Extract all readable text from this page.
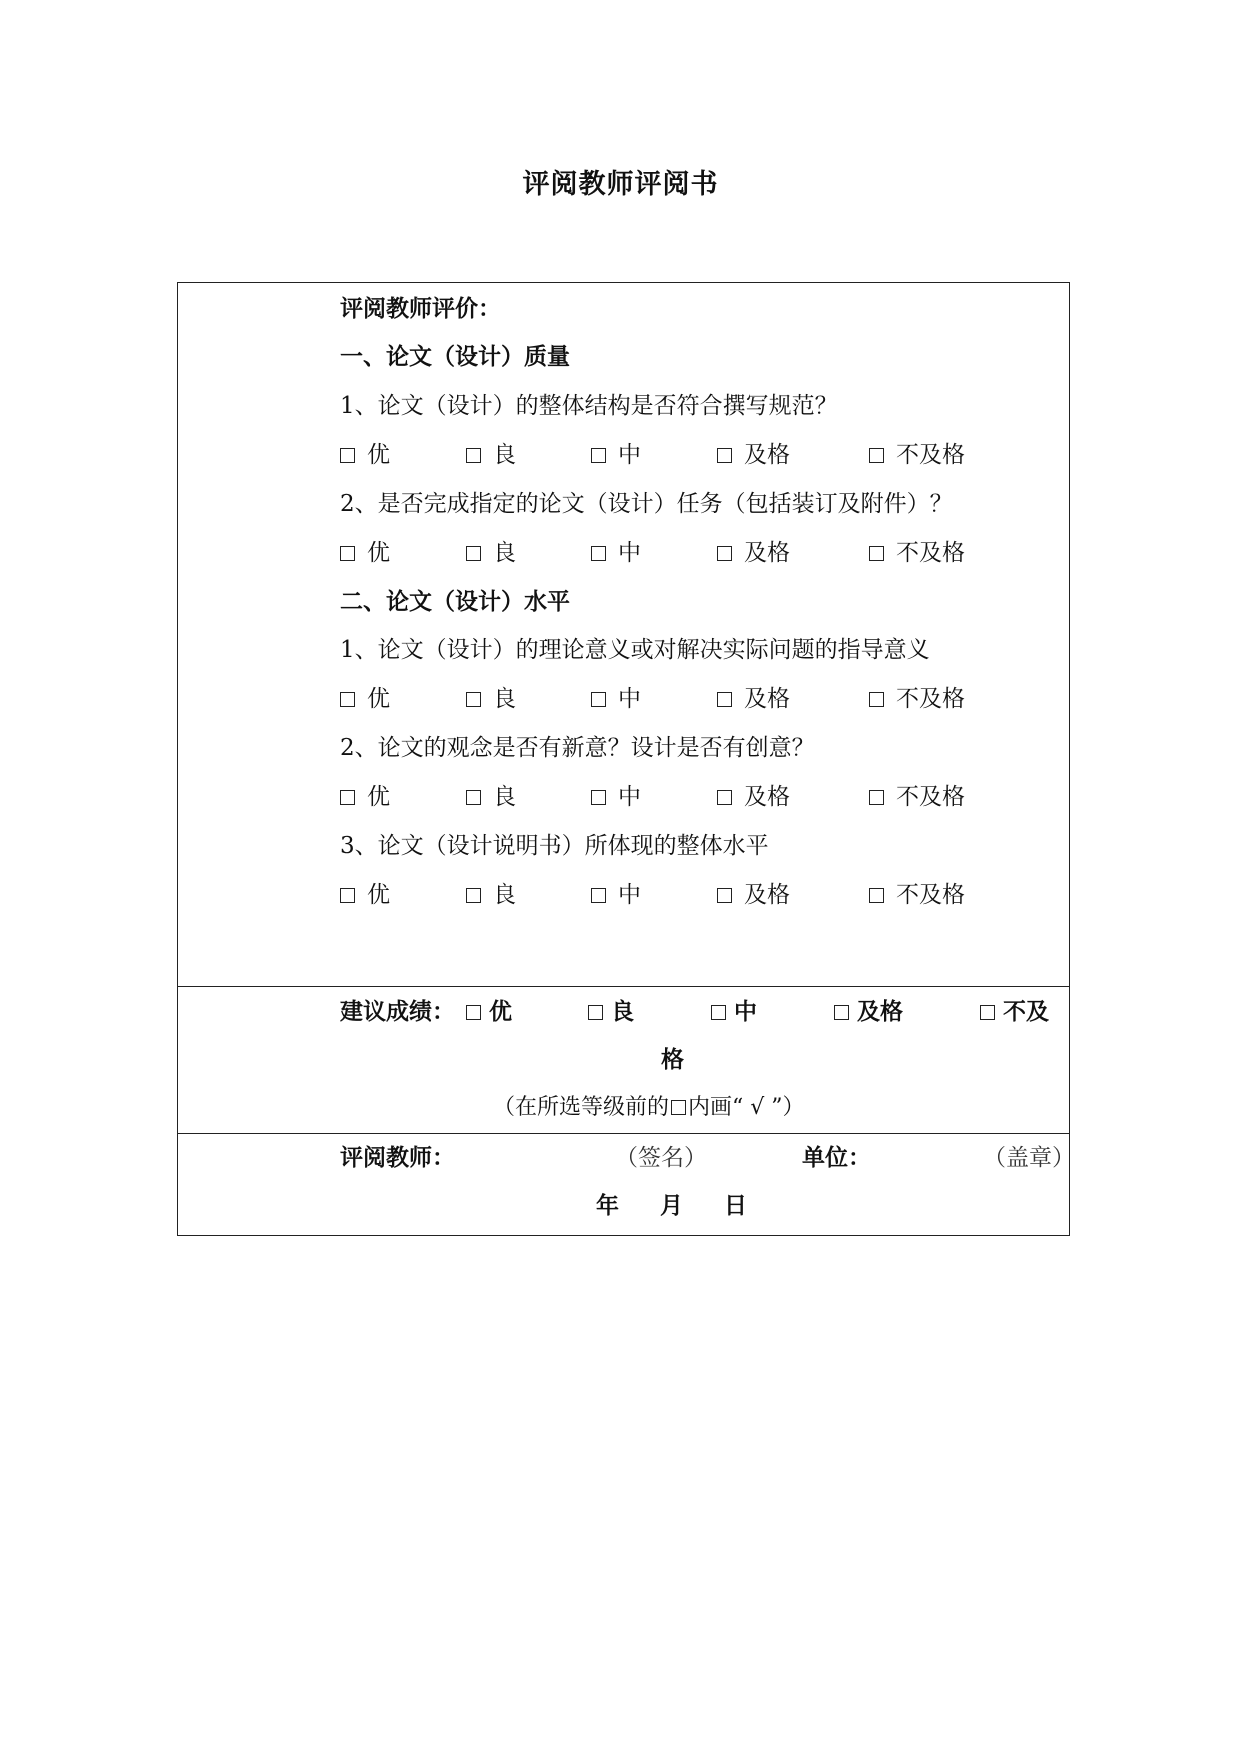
评阅教师评阅书
评阅教师评价：
一、论文（设计）质量
1、论文（设计）的整体结构是否符合撰写规范？
优	良	中	及格	不及格
2、是否完成指定的论文（设计）任务（包括装订及附件）？
优	良	中	及格	不及格
二、论文（设计）水平
1、论文（设计）的理论意义或对解决实际问题的指导意义
优	良	中	及格	不及格
2、论文的观念是否有新意？设计是否有创意？
优	良	中	及格	不及格
3、论文（设计说明书）所体现的整体水平
优	良	中	及格	不及格
建议成绩：	优	良	中	及格	不及
格
（在所选等级前的 内画“ √ ”）
评阅教师：	（签名）	单位：	（盖章）
年 月 日
